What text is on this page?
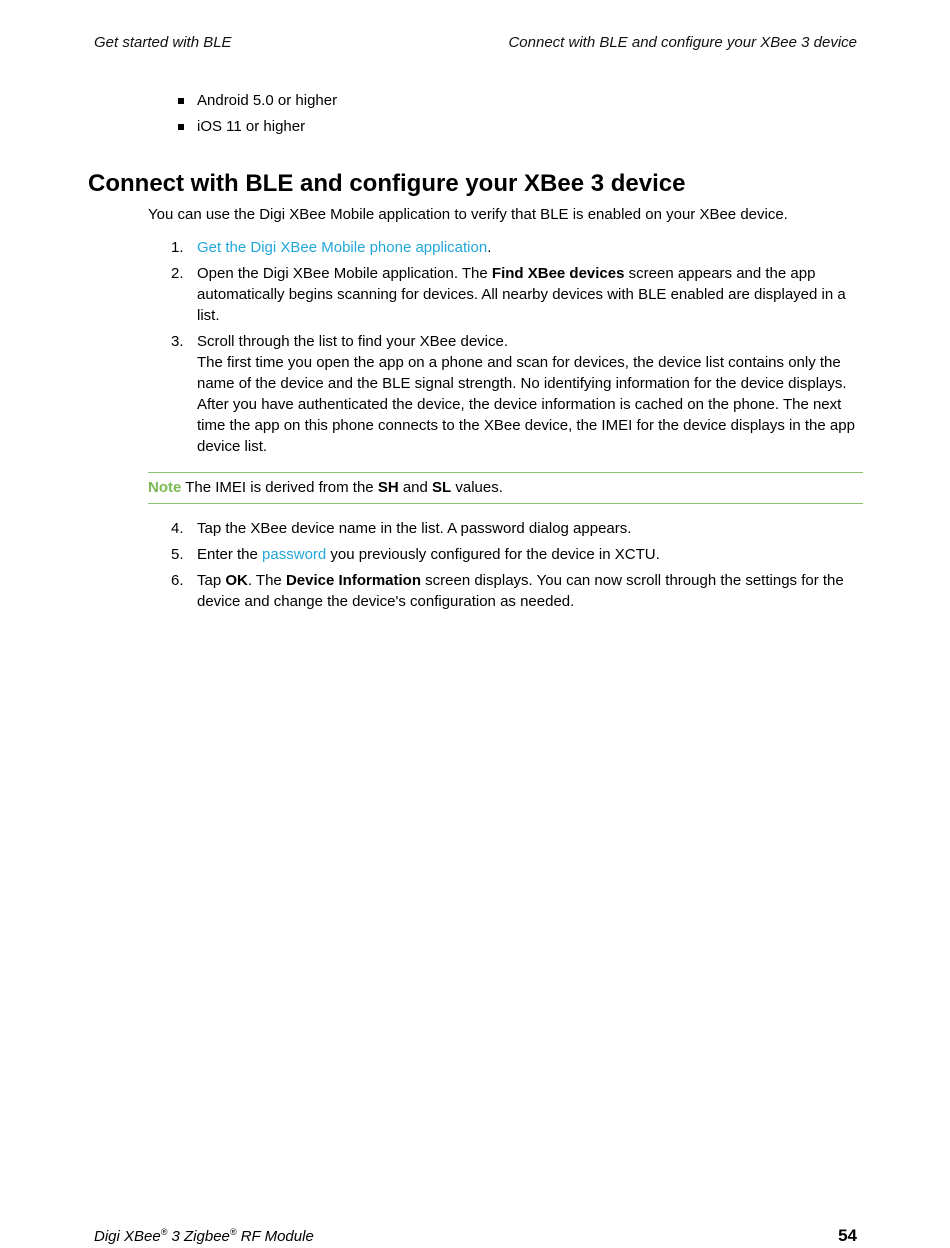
Get started with BLE	Connect with BLE and configure your XBee 3 device
Android 5.0 or higher
iOS 11 or higher
Connect with BLE and configure your XBee 3 device
You can use the Digi XBee Mobile application to verify that BLE is enabled on your XBee device.
1. Get the Digi XBee Mobile phone application.
2. Open the Digi XBee Mobile application. The Find XBee devices screen appears and the app automatically begins scanning for devices. All nearby devices with BLE enabled are displayed in a list.
3. Scroll through the list to find your XBee device.
The first time you open the app on a phone and scan for devices, the device list contains only the name of the device and the BLE signal strength. No identifying information for the device displays. After you have authenticated the device, the device information is cached on the phone. The next time the app on this phone connects to the XBee device, the IMEI for the device displays in the app device list.
Note The IMEI is derived from the SH and SL values.
4. Tap the XBee device name in the list. A password dialog appears.
5. Enter the password you previously configured for the device in XCTU.
6. Tap OK. The Device Information screen displays. You can now scroll through the settings for the device and change the device's configuration as needed.
Digi XBee® 3 Zigbee® RF Module	54
